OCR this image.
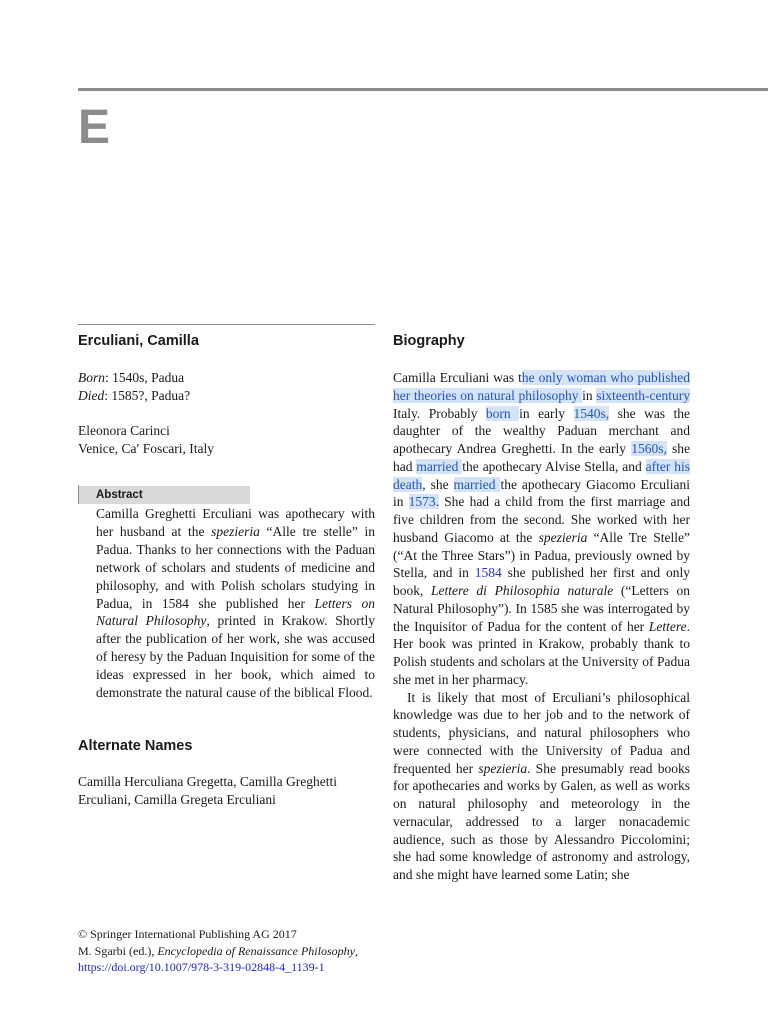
E
Erculiani, Camilla
Born: 1540s, Padua
Died: 1585?, Padua?
Eleonora Carinci
Venice, Ca′ Foscari, Italy
Abstract
Camilla Greghetti Erculiani was apothecary with her husband at the spezieria “Alle tre stelle” in Padua. Thanks to her connections with the Paduan network of scholars and students of medicine and philosophy, and with Polish scholars studying in Padua, in 1584 she published her Letters on Natural Philosophy, printed in Krakow. Shortly after the publication of her work, she was accused of heresy by the Paduan Inquisition for some of the ideas expressed in her book, which aimed to demonstrate the natural cause of the biblical Flood.
Alternate Names
Camilla Herculiana Gregetta, Camilla Greghetti Erculiani, Camilla Gregeta Erculiani
© Springer International Publishing AG 2017
M. Sgarbi (ed.), Encyclopedia of Renaissance Philosophy,
https://doi.org/10.1007/978-3-319-02848-4_1139-1
Biography

Camilla Erculiani was the only woman who published her theories on natural philosophy in sixteenth-century Italy. Probably born in early 1540s, she was the daughter of the wealthy Paduan merchant and apothecary Andrea Greghetti. In the early 1560s, she had married the apothecary Alvise Stella, and after his death, she married the apothecary Giacomo Erculiani in 1573. She had a child from the first marriage and five children from the second. She worked with her husband Giacomo at the spezieria “Alle Tre Stelle” (“At the Three Stars”) in Padua, previously owned by Stella, and in 1584 she published her first and only book, Lettere di Philosophia naturale (“Letters on Natural Philosophy”). In 1585 she was interrogated by the Inquisitor of Padua for the content of her Lettere. Her book was printed in Krakow, probably thank to Polish students and scholars at the University of Padua she met in her pharmacy.

It is likely that most of Erculiani’s philosophical knowledge was due to her job and to the network of students, physicians, and natural philosophers who were connected with the University of Padua and frequented her spezieria. She presumably read books for apothecaries and works by Galen, as well as works on natural philosophy and meteorology in the vernacular, addressed to a larger nonacademic audience, such as those by Alessandro Piccolomini; she had some knowledge of astronomy and astrology, and she might have learned some Latin; she
